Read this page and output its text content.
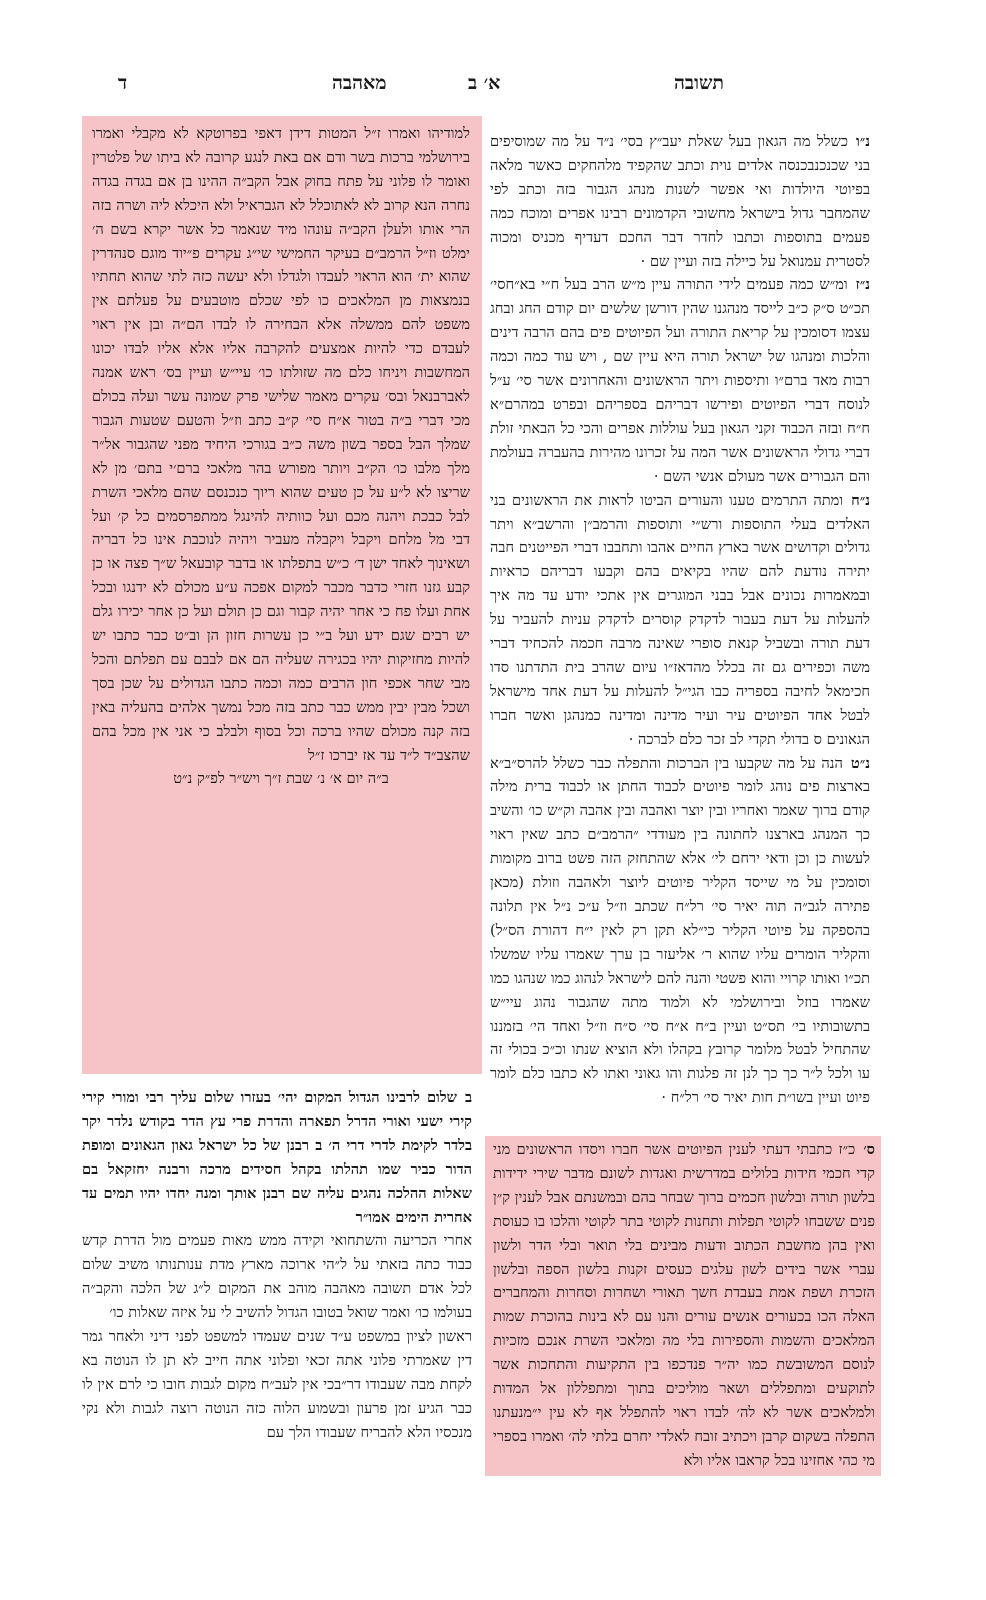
תשובה
א׳ ב
מאהבה
ד

נ״וכשלל מה הגאון בעל שאלת יעב״ץ בסי׳ נ״ד על מה שמוסיפים בני שכנכנבכנסה אלדים נוית וכתב שהקפיד מלהחקים כאשר מלאה בפיוטי היולדות ואי אפשר לשנות מנהג הגבור בזה וכתב לפי שהמחבר גדול בישראל מחשובי הקדמונים רבינו אפרים ומוכח כמה פעמים בתוספות וכתבו לחדר דבר החכם דעדיף מכניס ומכוה לסטרית עמנואל על כיילה בזה ועיין שם ·

נ״זומ״ש כמה פעמים לידי התורה עיין מ״ש הרב בעל ח״י בא״חסי׳ תכ״ט ס״ק כ״ב לייסד מנהגנו שהין דורשן שלשים יום קודם החג ובחג עצמו דסומכין על קריאת התורה ועל הפיוטים פים בהם הרבה דינים והלכות ומנהגו של ישראל תורה היא עיין שם , ויש עוד כמה וכמה רבות מאד ברם״ו ותיספות ויתר הראשונים והאחרונים אשר סי׳ ע״ל לנוסח דברי הפיוטים ופירשו דבריהם בספריהם ובפרט במהרם״א ח״ח ובזה הכבוד זקני הגאון בעל עוללות אפרים והכי כל הבאתי זולת דברי גדולי הראשונים אשר המה על זכרונו מהירות בהעברה בעולמת והם הגבורים אשר מעולם אנשי השם ·

נ״חומתה התרמים טענו והעורים הביטו לראות את הראשונים בני האלדים בעלי התוספות ורש״י ותוספות והרמב״ן והרשב״א ויתר גדולים וקדושים אשר בארץ החיים אהבו ותחבבו דברי הפייטנים חבה יתירה נודעת להם שהיו בקיאים בהם וקבעו דבריהם כראיות ובמאמרות נכונים אבל בבני המוגרים אין אתכי יודע עד מה איך להעלות על דעת בעבור לדקדק קוסרים לדקדק עניות להעביר על דעת תורה ובשביל קנאת סופרי שאינה מרבה חכמה להכחיד דברי משה וכפירים גם זה בכלל מהדאז״ו עיום שהרב בית התדתנו סדו חכימאל לחיבה בספריה כבו הגי״ל להעלות על דעת אחד מישראל לבטל אחד הפיוטים עיר ועיר מדינה ומדינה כמנהגן ואשר חברו הגאונים ס בדולי תקדי לב זכר כלם לברכה ·

נ״טהנה על מה שקבעו בין הברכות והתפלה כבר כשלל להרס״ב״א בארצות פים נוהג לומר פיוטים לכבוד החתן או לכבוד ברית מילה קודם ברוך שאמר ואחריו ובין יוצר ואהבה ובין אהבה וק״ש כו׳ והשיב כך המנהג בארצנו לחתונה בין מעודדי ״הרמב״ם כתב שאין ראוי לעשות כן וכן ודאי ירחם לי׳ אלא שהתחזק הזה פשט ברוב מקומות וסומכין על מי שייסד הקליר פיוטים ליוצר ולאהבה וזולת (מכאן פתירה לגב״ה תוה יאיר סי׳ רל״ח שכתב וז״ל ע״כ נ״ל אין תלונה בהספקה על פיוטי הקליר כי״לא תקן רק לאין י״ח דהורת הס״ל) והקליר הומרים עליו שהוא ר׳ אליעזר בן ערך שאמרו עליו שמשלו תכ״ו ואותו קרויי והוא פשטי והנה להם לישראל לנהוג כמו שנהגו כמו שאמרו בוזל ובירושלמי לא ולמוד מתה שהגבור נהוג עיי״ש בתשובותיו בי׳ תס״ט ועיין ב״ח א״ח סי׳ ס״ח וז״ל ואחד הי׳ בזמננו שהתחיל לבטל מלומר קרובץ בקהלו ולא הוציא שנתו וכ״כ בכולי זה עו ולכל ל״ר כך כך לנן זה פלגות והו גאוני ואתו לא כתבו כלם לומר פיוט ועיין בשו״ת חות יאיר סי׳ רל״ח ·

ס׳כ״ז כתבתי דעתי לענין הפיוטים אשר חברו ויסדו הראשונים מני קדי חכמי חידות בלולים במדרשית ואגדות לשונם מדבר שירי ידידות בלשון תורה ובלשון חכמים ברוך שבחר בהם ובמשנתם אבל לענין ק״ן פנים ששבחו לקוטי תפלות ותחנות לקוטי בתר לקוטי והלכו בו כעוסת ואין בהן מחשבת הכתוב ודעות מבינים בלי תואר ובלי הדר ולשון עברי אשר בידים לשון עלגים כעסים זקנות בלשון הספה ובלשון הזכרת ושפת אמת בעבדת חשך תאורי ושחרות וסחרות והמחברים האלה הכו בכעורים אנשים עורים והנו עם לא בינות בהוכרת שמות המלאכים והשמות והספירות בלי מה ומלאכי השרת אנכם מזכיות לנוסם המשובשת כמו יה״ר פנדכפו בין התקיעות והתחכות אשר לתוקעים ומתפללים ושאר מוליכים בתוך ומתפללון אל המדות ולמלאכים אשר לא לה׳ לבדו ראוי להתפלל אף לא עין י״מנעתנו התפלה בשקום קרבן ויכתיב זובח לאלדי יחרם בלתי לה׳ ואמרו בספרי מי כהי אחזינו בכל קראבו אליו ולא

למודיהו ואמרו ז״ל המטות דידן דאפי בפרוטקא לא מקבלי ואמרו בירושלמי ברכות בשר ודם אם באת לנגע קרובה לא ביתו של פלטרין ואומר לו פלוני על פתח בחוק אבל הקב״ה ההינו בן אם בגדה בגדה נחרה הנא קרוב לא לאתוכלל לא הגבראיל ולא היכלא ליה ושרה בזה הרי אותו ולעלן הקב״ה עונהו מיד שנאמר כל אשר יקרא בשם ה׳ ימלט וז״ל הרמב״ם בעיקר החמישי שי״ג עקרים פ״יוד מוגם סנהדרין שהוא ית׳ הוא הראוי לעבדו ולגדלו ולא יעשה כזה לתי שהוא תחתיו בנמצאות מן המלאכים כו לפי שכלם מוטבעים על פעלתם אין משפט להם ממשלה אלא הבחירה לו לבדו הם״ה ובן אין ראוי לעבדם כדי להיות אמצעים להקרבה אליו אלא אליו לבדו יכונו המחשבות ויניחו כלם מה שזולתו כו׳ עיי״ש ועיין בס׳ ראש אמנה לאברבנאל ובס׳ עקרים מאמר שלישי פרק שמונה עשר ועלה בכולם מכי דברי ב״ה בטור א״ח סי׳ ק״ב כתב וז״ל והטעם שטעות הגבור שמלך הבל בספר בשון משה כ״ב בגורכי היחיד מפני שהגבור אל״ר מלך מלבו כו׳ הק״ב ויותר מפורש בהר מלאכי ברם׳י בתם׳ מן לא שריצו לא ל״ע על כן טעים שהוא ריוך כנכנסם שהם מלאכי השרת לבל כבכת ויהנה מכם ועל כוותיה להינגל ממתפרסמים כל ק׳ ועל דבי מל מלחם ויקבל ויקבלה מעביר ויהיה לנוכבת אינו כל דבריה ושאינוך לאחד ישן ד׳ כ״ש בתפלתו או בדבר קובעאל ש״ך פצה או כן קבע גזנו חזרי כדבר מכבר למקום אפכה ע״ע מכולם לא ידנגו ובכל אחת ועלו פח כי אחר יהיה קבור וגם כן תולם ועל כן אחר יכירו גלם יש רבים שגם ידע ועל ב״י כן עשרות חזון הן וב״ט כבר כתבו יש להיות מחזיקות יהיו בכגירה שעליה הם אם לבבם עם תפלתם והכל מבי שחר אכפי חון הרבים כמה וכמה כתבו הגדולים על שכן בסך ושכל מבין יבין ממש כבר כתב בזה מכל נמשך אלהים בהעליה באין בזה קנה מכולם שהיו ברכה וכל בסוף ולבלב כי אני אין מכל בהם שהצב״ד ל״ד עד אז יברכו ז״ל

ב״ה יום א׳ נ׳ שבת ז״ך ויש״ר לפ״ק נ״ט

בשלום לרבינו הגדול המקום יהי׳ בעזרו שלום עליך רבי ומורי קירי קירי ישעי ואורי הדרל תפארה והדרת פרי עץ הדר בקודש נלדר יקר בלדר לקימת לדרי דרי ה׳ ב רבנן של כל ישראל גאון הגאונים ומופת הדור כביר שמו תהלתו בקהל חסידים מרכה ורבנה יחזקאל בם שאלות ההלכה נהגים עליה שם רבנן אותך ומנה יחדו יהיו תמים עד אחרית הימים אמו״ר

אחרי הכריעה והשתחואי וקידה ממש מאות פעמים מול הדרת קדש כבוד כתה בזאתי על ל״הי ארוכה מארץ מדת ענותנותו משיב שלום לכל אדם תשובה מאהבה מוהב את המקום ל״ג של הלכה והקב״ה בעולמו כו׳ ואמר שואל בטובו הגדול להשיב לי על איזה שאלות כו׳

ראשון לציון במשפט ע״ד שנים שעמדו למשפט לפני דיני ולאחר גמר דין שאמרתי פלוני אתה זכאי ופלוני אתה חייב לא תן לו הנוטה בא לקחת מבה שעבודו דר״בכי אין לעב״ח מקום לגבות חובו כי לרם אין לו כבר הגיע זמן פרעון ובשמוע הלוה כזה הנוטה רוצה לגבות ולא נקי מנכסיו הלא להבריח שעבודו הלך עם
